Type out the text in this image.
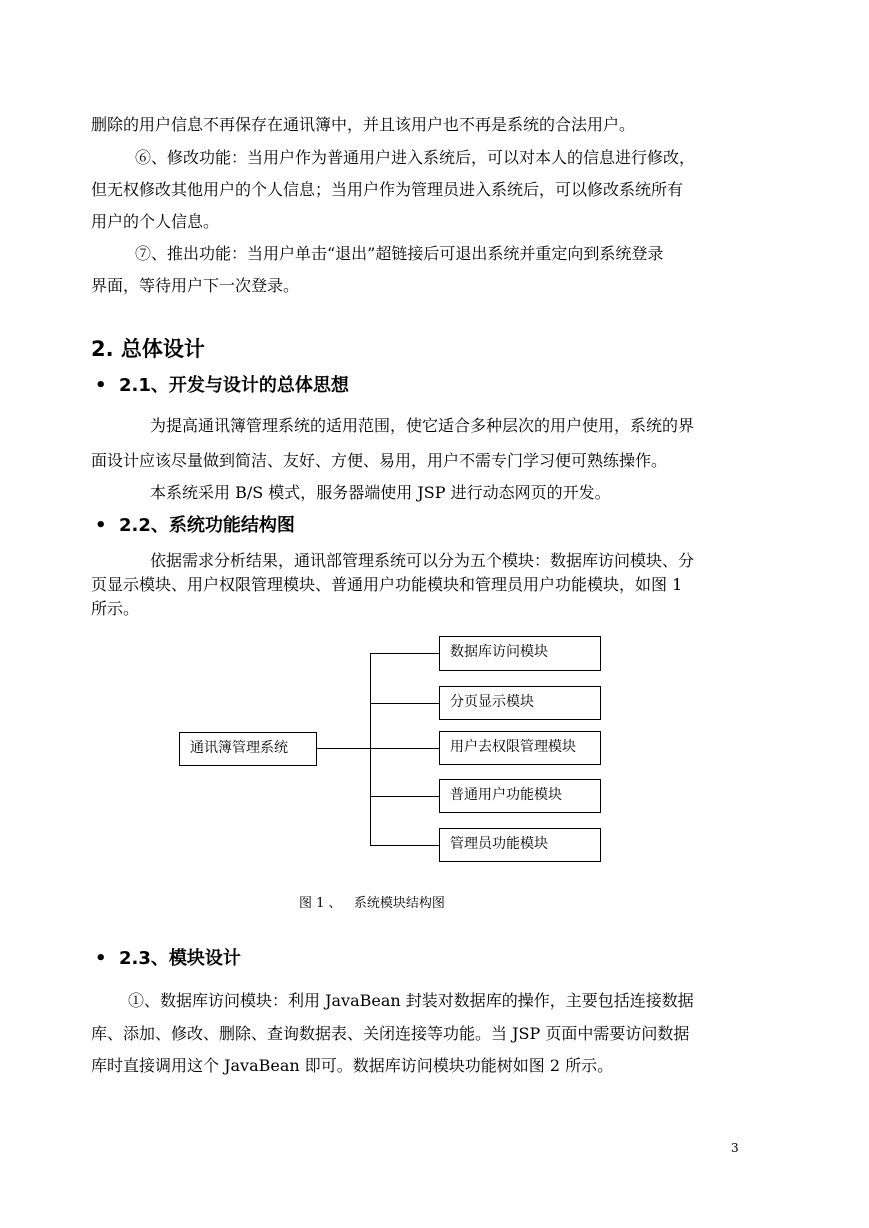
删除的用户信息不再保存在通讯簿中，并且该用户也不再是系统的合法用户。
⑥、修改功能：当用户作为普通用户进入系统后，可以对本人的信息进行修改，
但无权修改其他用户的个人信息；当用户作为管理员进入系统后，可以修改系统所有
用户的个人信息。
⑦、推出功能：当用户单击“退出”超链接后可退出系统并重定向到系统登录
界面，等待用户下一次登录。
2. 总体设计
• 2.1、开发与设计的总体思想
为提高通讯簿管理系统的适用范围，使它适合多种层次的用户使用，系统的界
面设计应该尽量做到简洁、友好、方便、易用，用户不需专门学习便可熟练操作。
本系统采用 B/S 模式，服务器端使用 JSP 进行动态网页的开发。
• 2.2、系统功能结构图
依据需求分析结果，通讯部管理系统可以分为五个模块：数据库访问模块、分
页显示模块、用户权限管理模块、普通用户功能模块和管理员用户功能模块，如图 1
所示。
通讯簿管理系统
数据库访问模块
分页显示模块
用户去权限管理模块
普通用户功能模块
管理员功能模块
图 1 、   系统模块结构图
• 2.3、模块设计
①、数据库访问模块：利用 JavaBean 封装对数据库的操作，主要包括连接数据
库、添加、修改、删除、查询数据表、关闭连接等功能。当 JSP 页面中需要访问数据
库时直接调用这个 JavaBean 即可。数据库访问模块功能树如图 2 所示。
3
